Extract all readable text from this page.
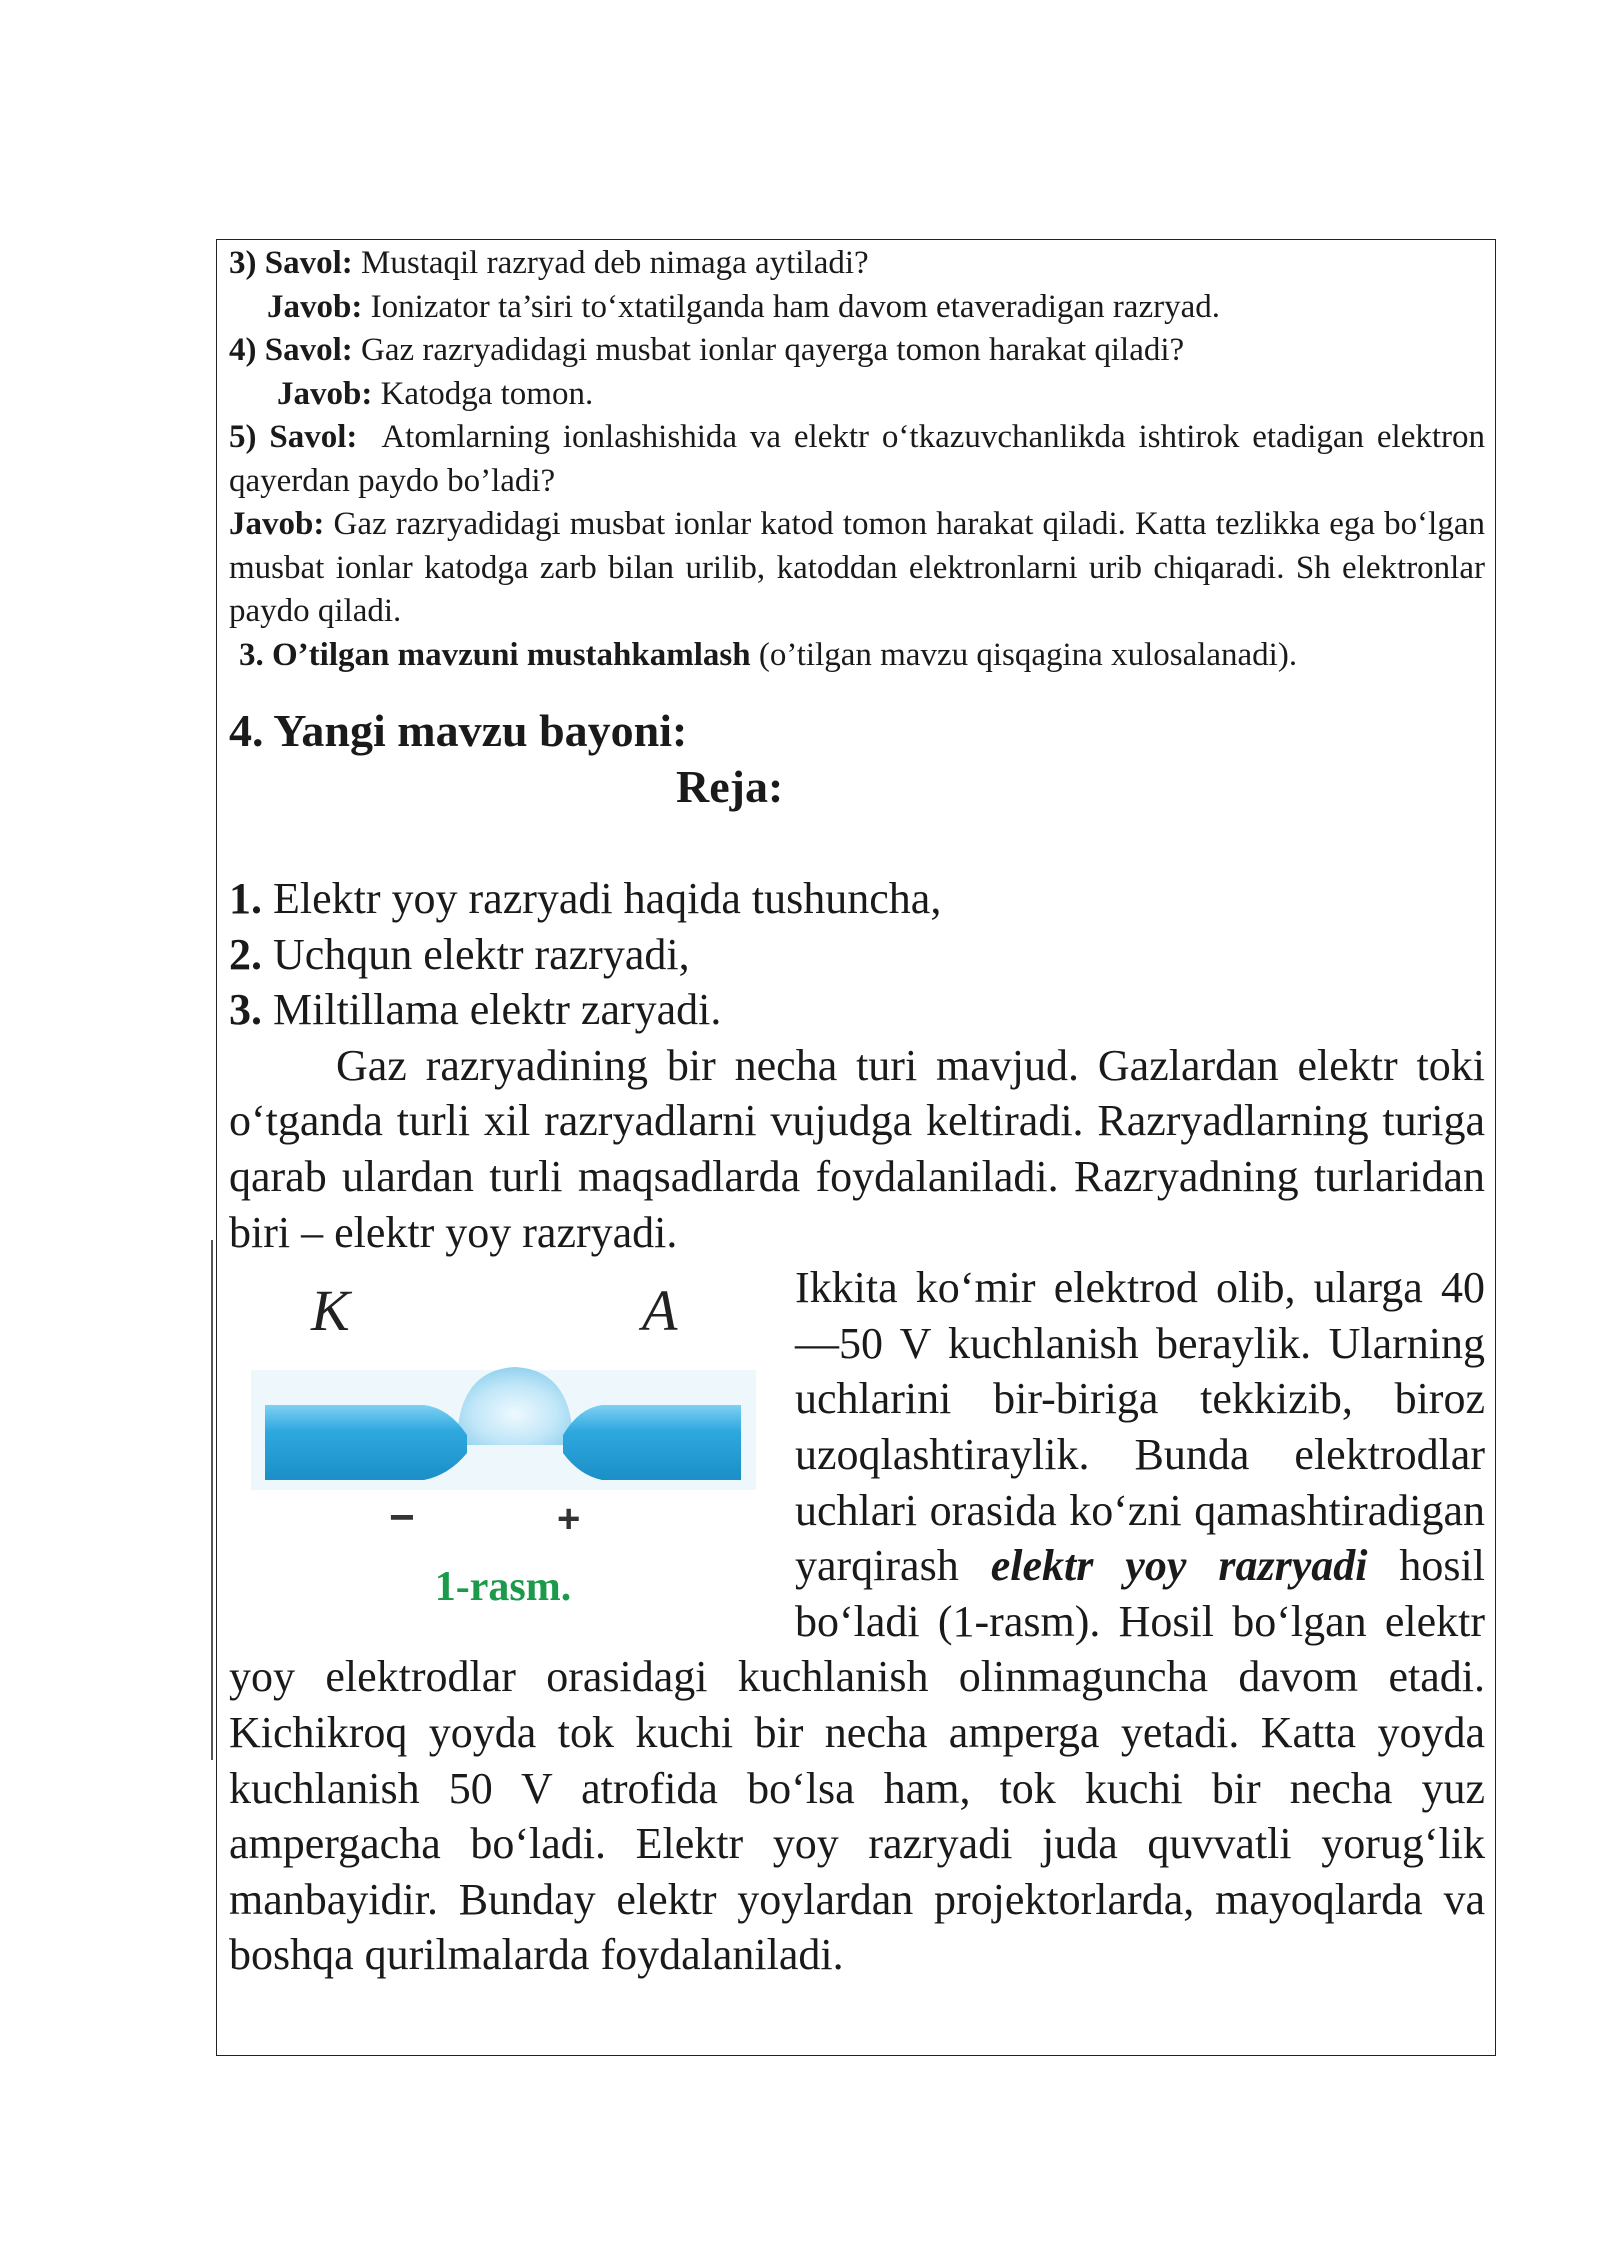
3) Savol: Mustaqil razryad deb nimaga aytiladi?

Javob: Ionizator ta’siri to‘xtatilganda ham davom etaveradigan razryad.

4) Savol: Gaz razryadidagi musbat ionlar qayerga tomon harakat qiladi?

Javob: Katodga tomon.

5) Savol:  Atomlarning ionlashishida va elektr o‘tkazuvchanlikda ishtirok etadigan elektron qayerdan paydo bo’ladi?

Javob: Gaz razryadidagi musbat ionlar katod tomon harakat qiladi. Katta tezlikka ega bo‘lgan musbat ionlar katodga zarb bilan urilib, katoddan elektronlarni urib chiqaradi. Sh elektronlar paydo qiladi.

3. O’tilgan mavzuni mustahkamlash (o’tilgan mavzu qisqagina xulosalanadi).

4. Yangi mavzu bayoni:
Reja:
1. Elektr yoy razryadi haqida tushuncha,
2. Uchqun elektr razryadi,
3. Miltillama elektr zaryadi.

Gaz razryadining bir necha turi mavjud. Gazlardan elektr toki o‘tganda turli xil razryadlarni vujudga keltiradi. Razryadlarning turiga qarab ulardan turli maqsadlarda foydalaniladi. Razryadning turlaridan biri – elektr yoy razryadi.

K	A
−	+
1-rasm.

Ikkita ko‘mir elektrod olib, ularga 40—50 V kuchlanish beraylik. Ularning uchlarini bir-biriga tekkizib, biroz uzoqlashtiraylik. Bunda elektrodlar uchlari orasida ko‘zni qamashtiradigan yarqirash elektr yoy razryadi hosil bo‘ladi (1-rasm). Hosil bo‘lgan elektr yoy elektrodlar orasidagi kuchlanish olinmaguncha davom etadi. Kichikroq yoyda tok kuchi bir necha amperga yetadi. Katta yoyda kuchlanish 50 V atrofida bo‘lsa ham, tok kuchi bir necha yuz ampergacha bo‘ladi. Elektr yoy razryadi juda quvvatli yorug‘lik manbayidir. Bunday elektr yoylardan projektorlarda, mayoqlarda va boshqa qurilmalarda foydalaniladi.
